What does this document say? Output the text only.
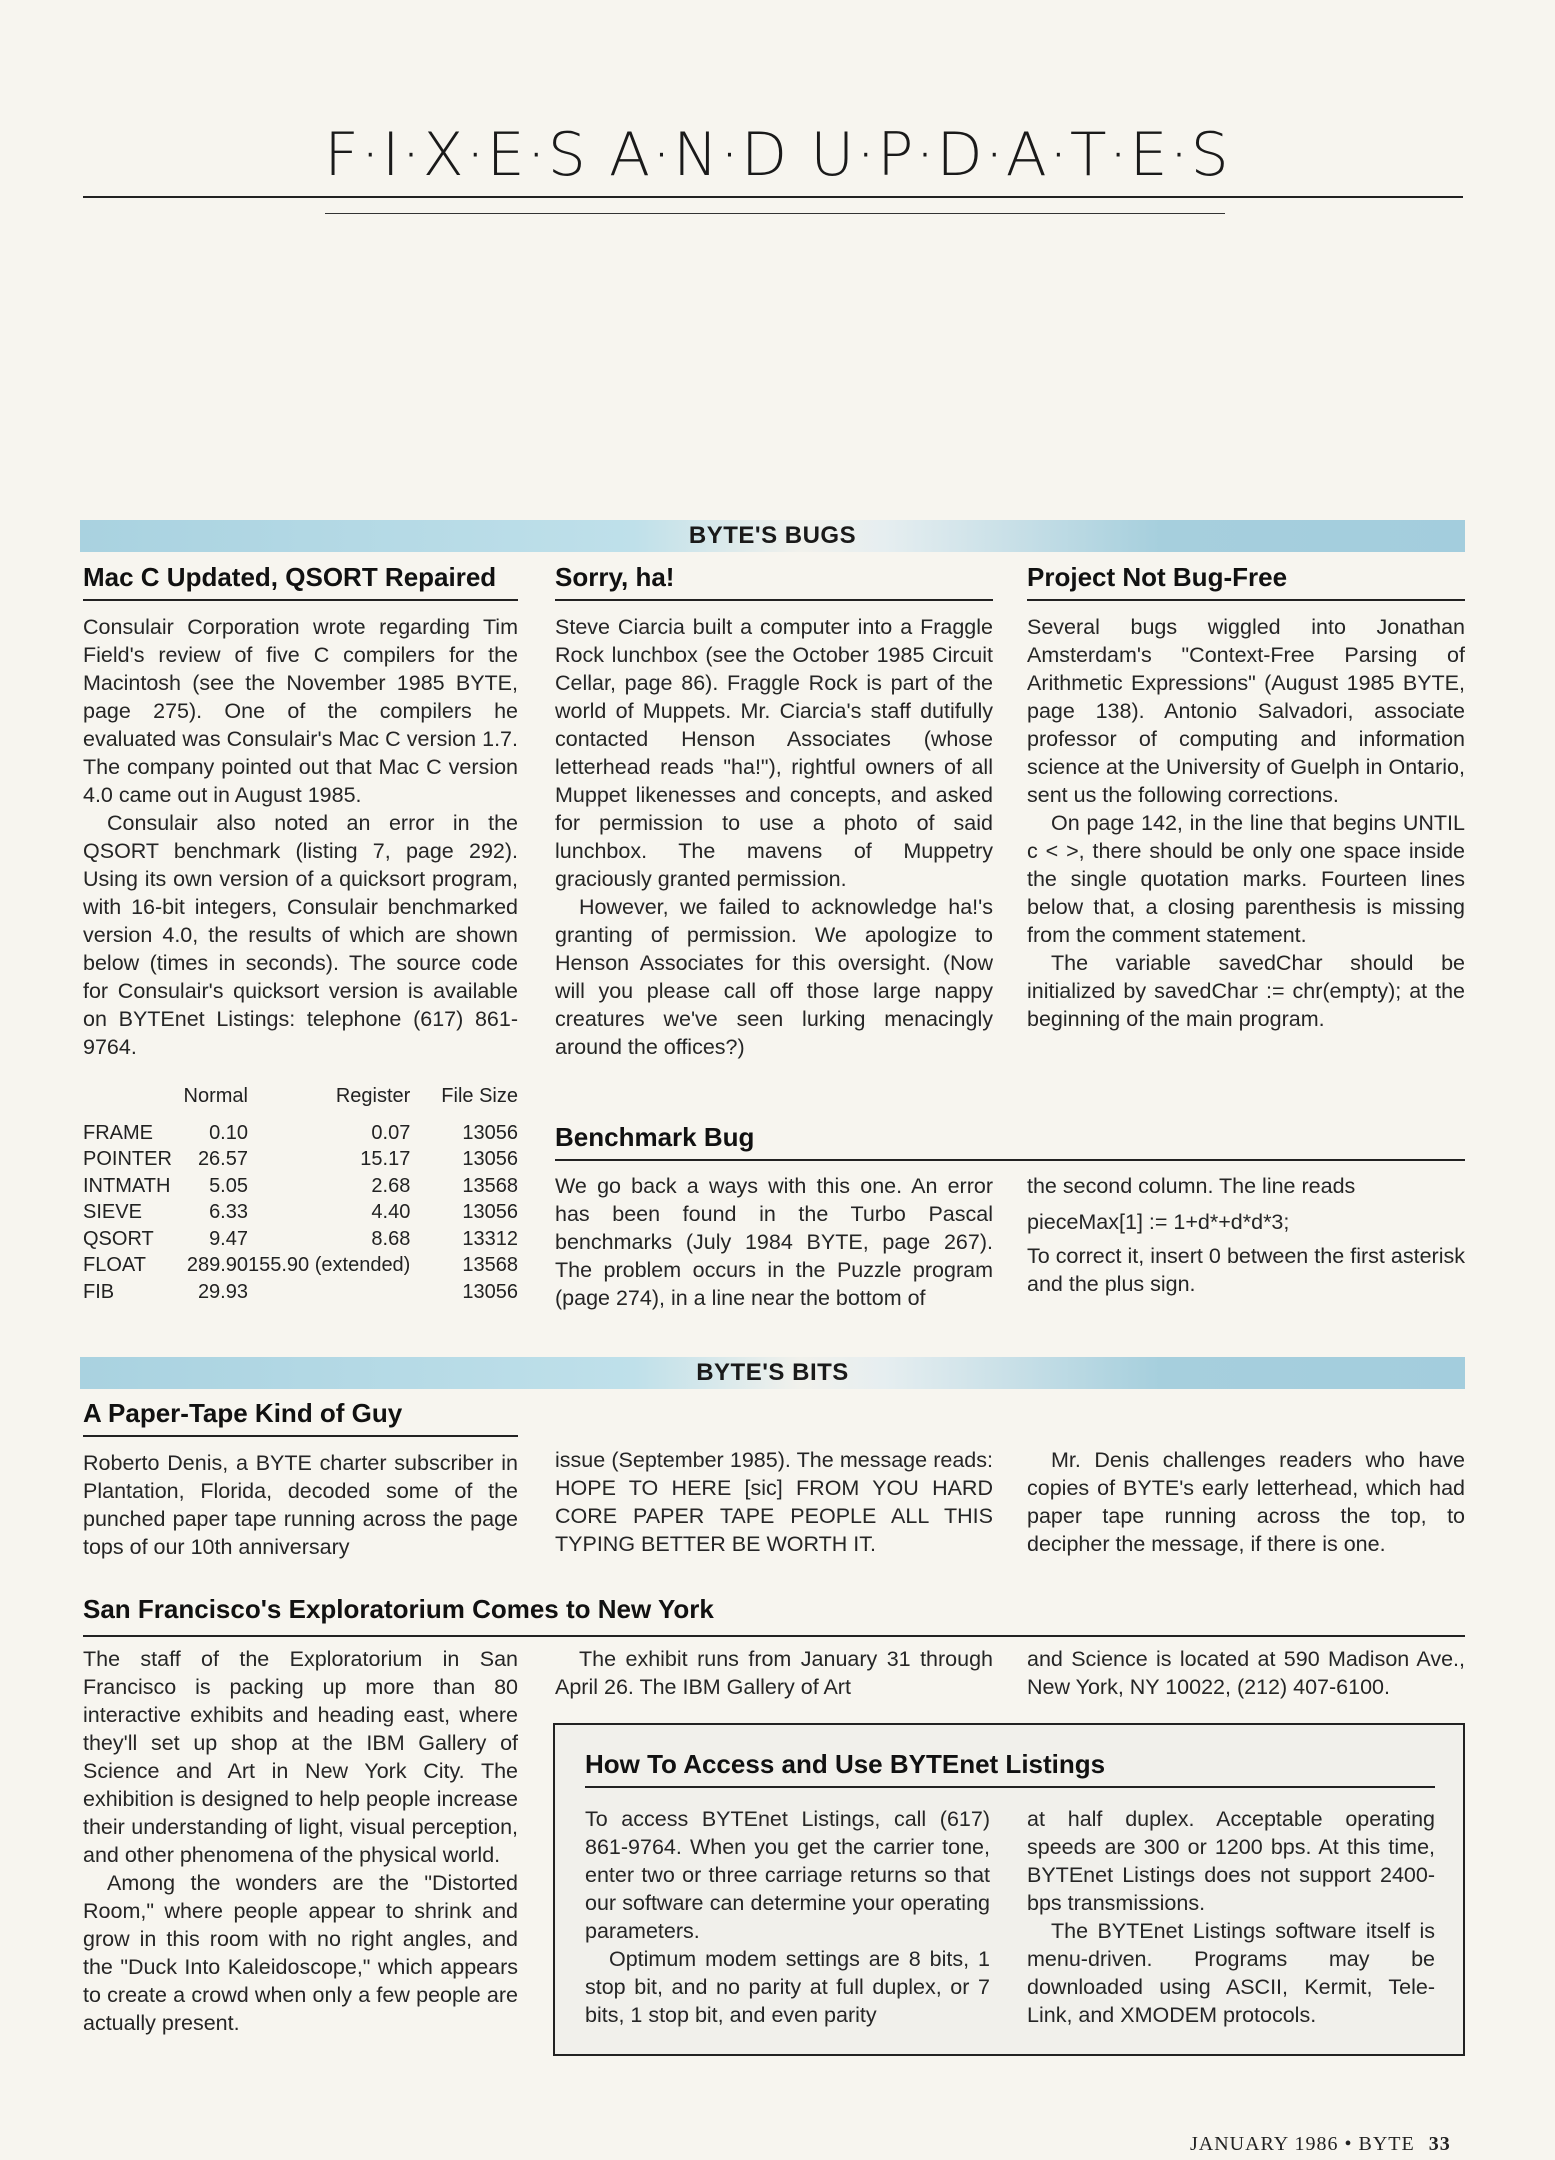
F·I·X·E·S A·N·D U·P·D·A·T·E·S
BYTE'S BUGS
Mac C Updated, QSORT Repaired
Consulair Corporation wrote regarding Tim Field's review of five C compilers for the Macintosh (see the November 1985 BYTE, page 275). One of the compilers he evaluated was Consulair's Mac C version 1.7. The company pointed out that Mac C version 4.0 came out in August 1985.
Consulair also noted an error in the QSORT benchmark (listing 7, page 292). Using its own version of a quicksort program, with 16-bit integers, Consulair benchmarked version 4.0, the results of which are shown below (times in seconds). The source code for Consulair's quicksort version is available on BYTEnet Listings: telephone (617) 861-9764.
	Normal	Register	File Size

FRAME	0.10	0.07	13056
POINTER	26.57	15.17	13056
INTMATH	5.05	2.68	13568
SIEVE	6.33	4.40	13056
QSORT	9.47	8.68	13312
FLOAT	289.90	155.90 (extended)	13568
FIB	29.93		13056
Sorry, ha!
Steve Ciarcia built a computer into a Fraggle Rock lunchbox (see the October 1985 Circuit Cellar, page 86). Fraggle Rock is part of the world of Muppets. Mr. Ciarcia's staff dutifully contacted Henson Associates (whose letterhead reads "ha!"), rightful owners of all Muppet likenesses and concepts, and asked for permission to use a photo of said lunchbox. The mavens of Muppetry graciously granted permission.
However, we failed to acknowledge ha!'s granting of permission. We apologize to Henson Associates for this oversight. (Now will you please call off those large nappy creatures we've seen lurking menacingly around the offices?)
Project Not Bug-Free
Several bugs wiggled into Jonathan Amsterdam's "Context-Free Parsing of Arithmetic Expressions" (August 1985 BYTE, page 138). Antonio Salvadori, associate professor of computing and information science at the University of Guelph in Ontario, sent us the following corrections.
On page 142, in the line that begins UNTIL c < >, there should be only one space inside the single quotation marks. Fourteen lines below that, a closing parenthesis is missing from the comment statement.
The variable savedChar should be initialized by savedChar := chr(empty); at the beginning of the main program.
Benchmark Bug
We go back a ways with this one. An error has been found in the Turbo Pascal benchmarks (July 1984 BYTE, page 267). The problem occurs in the Puzzle program (page 274), in a line near the bottom of
the second column. The line reads
pieceMax[1] := 1+d*+d*d*3;
To correct it, insert 0 between the first asterisk and the plus sign.
BYTE'S BITS
A Paper-Tape Kind of Guy
Roberto Denis, a BYTE charter subscriber in Plantation, Florida, decoded some of the punched paper tape running across the page tops of our 10th anniversary
issue (September 1985). The message reads: HOPE TO HERE [sic] FROM YOU HARD CORE PAPER TAPE PEOPLE ALL THIS TYPING BETTER BE WORTH IT.
Mr. Denis challenges readers who have copies of BYTE's early letterhead, which had paper tape running across the top, to decipher the message, if there is one.
San Francisco's Exploratorium Comes to New York
The staff of the Exploratorium in San Francisco is packing up more than 80 interactive exhibits and heading east, where they'll set up shop at the IBM Gallery of Science and Art in New York City. The exhibition is designed to help people increase their understanding of light, visual perception, and other phenomena of the physical world.
Among the wonders are the "Distorted Room," where people appear to shrink and grow in this room with no right angles, and the "Duck Into Kaleidoscope," which appears to create a crowd when only a few people are actually present.
The exhibit runs from January 31 through April 26. The IBM Gallery of Art
and Science is located at 590 Madison Ave., New York, NY 10022, (212) 407-6100.
How To Access and Use BYTEnet Listings
To access BYTEnet Listings, call (617) 861-9764. When you get the carrier tone, enter two or three carriage returns so that our software can determine your operating parameters.
Optimum modem settings are 8 bits, 1 stop bit, and no parity at full duplex, or 7 bits, 1 stop bit, and even parity
at half duplex. Acceptable operating speeds are 300 or 1200 bps. At this time, BYTEnet Listings does not support 2400-bps transmissions.
The BYTEnet Listings software itself is menu-driven. Programs may be downloaded using ASCII, Kermit, Tele-Link, and XMODEM protocols.
JANUARY 1986 • BYTE 33
